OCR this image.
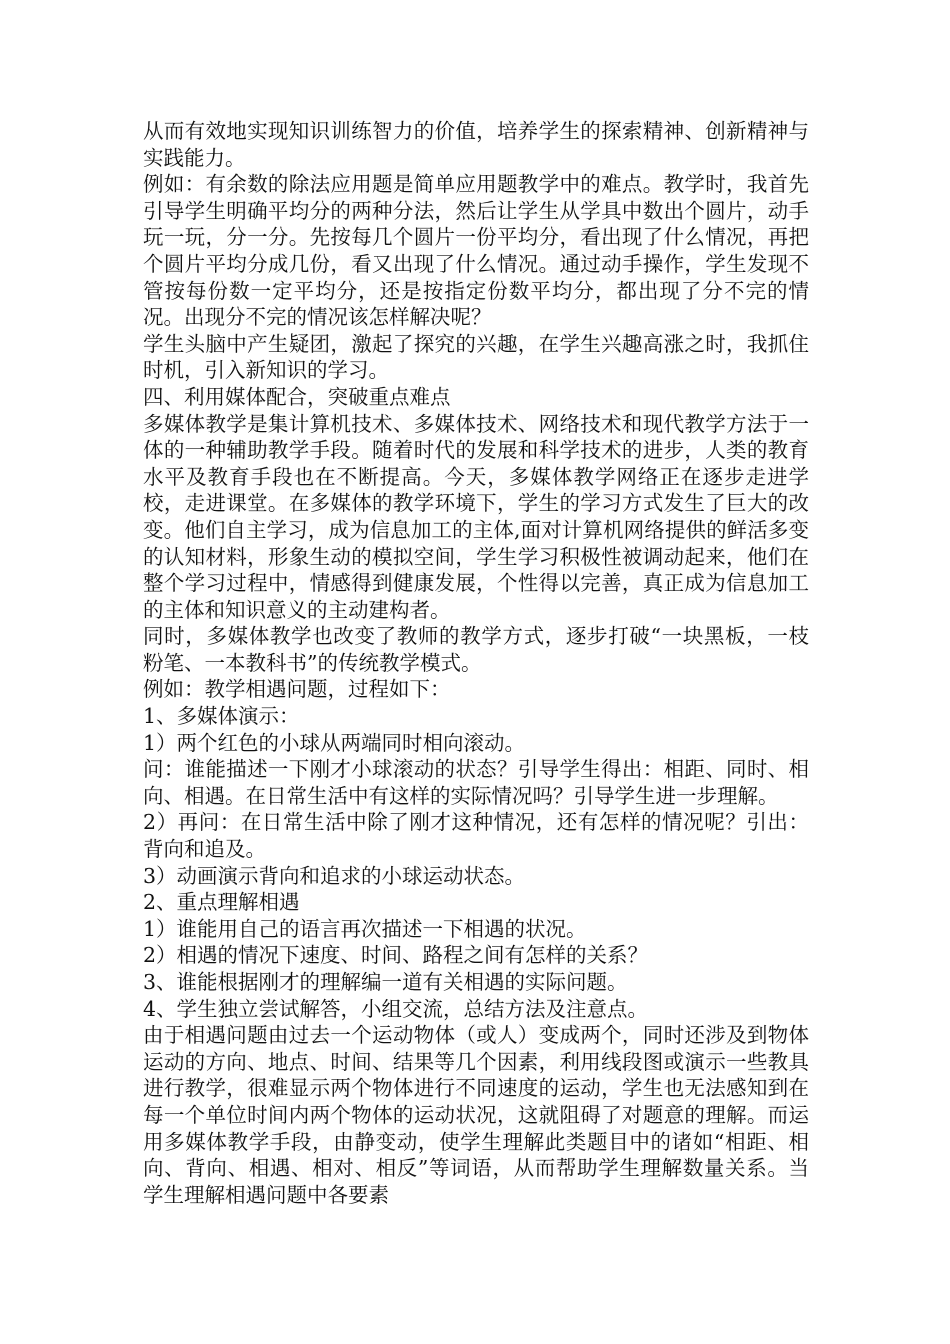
从而有效地实现知识训练智力的价值，培养学生的探索精神、创新精神与实践能力。

例如：有余数的除法应用题是简单应用题教学中的难点。教学时，我首先引导学生明确平均分的两种分法，然后让学生从学具中数出个圆片，动手玩一玩，分一分。先按每几个圆片一份平均分，看出现了什么情况，再把个圆片平均分成几份，看又出现了什么情况。通过动手操作，学生发现不管按每份数一定平均分，还是按指定份数平均分，都出现了分不完的情况。出现分不完的情况该怎样解决呢？

学生头脑中产生疑团，激起了探究的兴趣，在学生兴趣高涨之时，我抓住时机，引入新知识的学习。

四、利用媒体配合，突破重点难点

多媒体教学是集计算机技术、多媒体技术、网络技术和现代教学方法于一体的一种辅助教学手段。随着时代的发展和科学技术的进步，人类的教育水平及教育手段也在不断提高。今天，多媒体教学网络正在逐步走进学校，走进课堂。在多媒体的教学环境下，学生的学习方式发生了巨大的改变。他们自主学习，成为信息加工的主体,面对计算机网络提供的鲜活多变的认知材料，形象生动的模拟空间，学生学习积极性被调动起来，他们在整个学习过程中，情感得到健康发展，个性得以完善，真正成为信息加工的主体和知识意义的主动建构者。

同时，多媒体教学也改变了教师的教学方式，逐步打破“一块黑板，一枝粉笔、一本教科书”的传统教学模式。

例如：教学相遇问题，过程如下：

1、多媒体演示：

1）两个红色的小球从两端同时相向滚动。

问：谁能描述一下刚才小球滚动的状态？引导学生得出：相距、同时、相向、相遇。在日常生活中有这样的实际情况吗？引导学生进一步理解。

2）再问：在日常生活中除了刚才这种情况，还有怎样的情况呢？引出：背向和追及。

3）动画演示背向和追求的小球运动状态。

2、重点理解相遇

1）谁能用自己的语言再次描述一下相遇的状况。

2）相遇的情况下速度、时间、路程之间有怎样的关系？

3、谁能根据刚才的理解编一道有关相遇的实际问题。

4、学生独立尝试解答，小组交流，总结方法及注意点。

由于相遇问题由过去一个运动物体（或人）变成两个，同时还涉及到物体运动的方向、地点、时间、结果等几个因素，利用线段图或演示一些教具进行教学，很难显示两个物体进行不同速度的运动，学生也无法感知到在每一个单位时间内两个物体的运动状况，这就阻碍了对题意的理解。而运用多媒体教学手段，由静变动，使学生理解此类题目中的诸如“相距、相向、背向、相遇、相对、相反”等词语，从而帮助学生理解数量关系。当学生理解相遇问题中各要素
